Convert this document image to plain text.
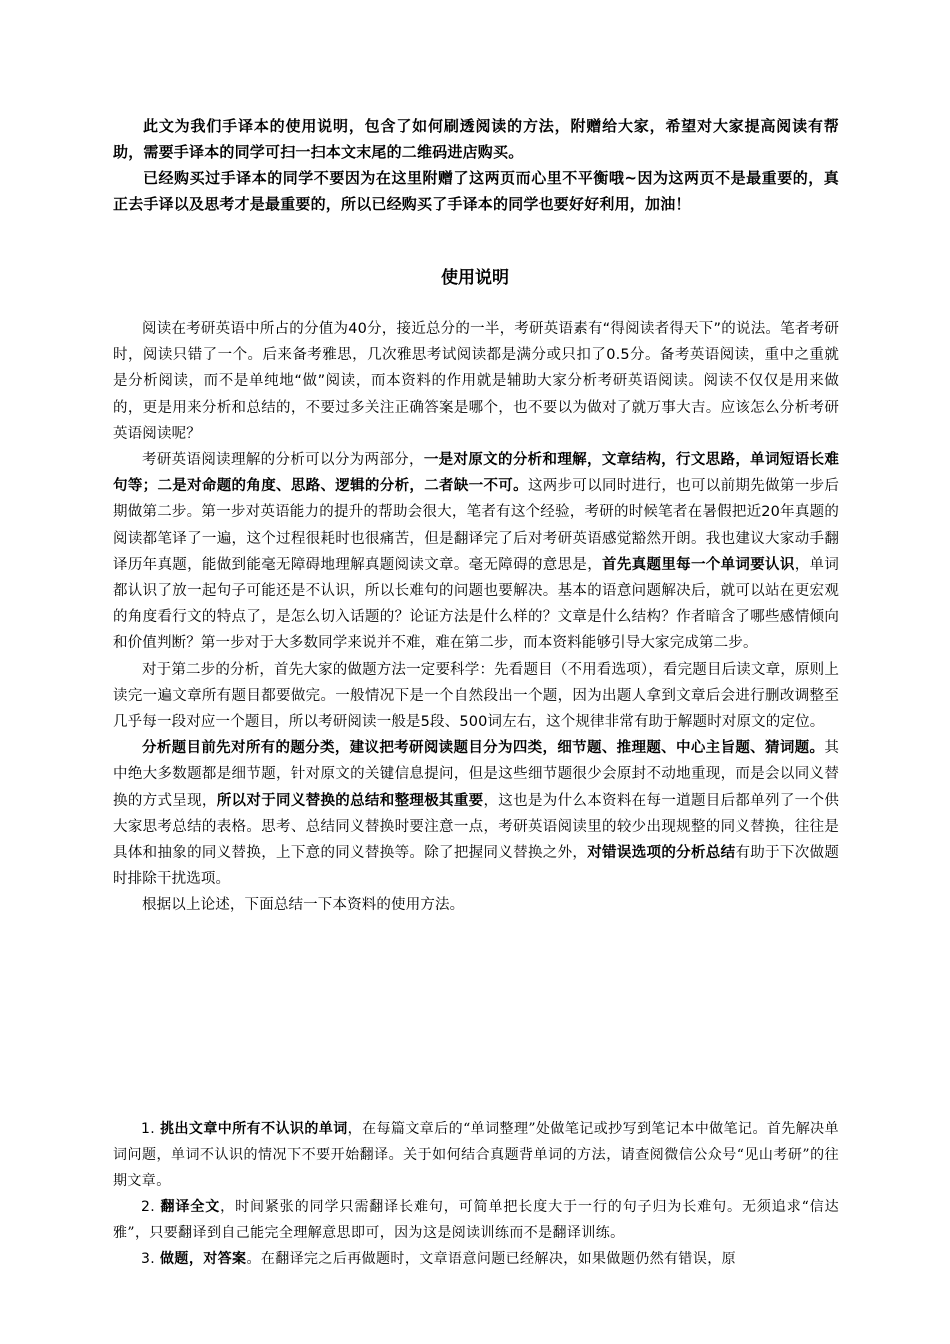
此文为我们手译本的使用说明，包含了如何刷透阅读的方法，附赠给大家，希望对大家提高阅读有帮助，需要手译本的同学可扫一扫本文末尾的二维码进店购买。

已经购买过手译本的同学不要因为在这里附赠了这两页而心里不平衡哦~因为这两页不是最重要的，真正去手译以及思考才是最重要的，所以已经购买了手译本的同学也要好好利用，加油！

使用说明

阅读在考研英语中所占的分值为40分，接近总分的一半，考研英语素有“得阅读者得天下”的说法。笔者考研时，阅读只错了一个。后来备考雅思，几次雅思考试阅读都是满分或只扣了0.5分。备考英语阅读，重中之重就是分析阅读，而不是单纯地“做”阅读，而本资料的作用就是辅助大家分析考研英语阅读。阅读不仅仅是用来做的，更是用来分析和总结的，不要过多关注正确答案是哪个，也不要以为做对了就万事大吉。应该怎么分析考研英语阅读呢？

考研英语阅读理解的分析可以分为两部分，一是对原文的分析和理解，文章结构，行文思路，单词短语长难句等；二是对命题的角度、思路、逻辑的分析，二者缺一不可。这两步可以同时进行，也可以前期先做第一步后期做第二步。第一步对英语能力的提升的帮助会很大，笔者有这个经验，考研的时候笔者在暑假把近20年真题的阅读都笔译了一遍，这个过程很耗时也很痛苦，但是翻译完了后对考研英语感觉豁然开朗。我也建议大家动手翻译历年真题，能做到能毫无障碍地理解真题阅读文章。毫无障碍的意思是，首先真题里每一个单词要认识，单词都认识了放一起句子可能还是不认识，所以长难句的问题也要解决。基本的语意问题解决后，就可以站在更宏观的角度看行文的特点了，是怎么切入话题的？论证方法是什么样的？文章是什么结构？作者暗含了哪些感情倾向和价值判断？第一步对于大多数同学来说并不难，难在第二步，而本资料能够引导大家完成第二步。

对于第二步的分析，首先大家的做题方法一定要科学：先看题目（不用看选项），看完题目后读文章，原则上读完一遍文章所有题目都要做完。一般情况下是一个自然段出一个题，因为出题人拿到文章后会进行删改调整至几乎每一段对应一个题目，所以考研阅读一般是5段、500词左右，这个规律非常有助于解题时对原文的定位。

分析题目前先对所有的题分类，建议把考研阅读题目分为四类，细节题、推理题、中心主旨题、猜词题。其中绝大多数题都是细节题，针对原文的关键信息提问，但是这些细节题很少会原封不动地重现，而是会以同义替换的方式呈现，所以对于同义替换的总结和整理极其重要，这也是为什么本资料在每一道题目后都单列了一个供大家思考总结的表格。思考、总结同义替换时要注意一点，考研英语阅读里的较少出现规整的同义替换，往往是具体和抽象的同义替换，上下意的同义替换等。除了把握同义替换之外，对错误选项的分析总结有助于下次做题时排除干扰选项。

根据以上论述，下面总结一下本资料的使用方法。

1. 挑出文章中所有不认识的单词，在每篇文章后的“单词整理”处做笔记或抄写到笔记本中做笔记。首先解决单词问题，单词不认识的情况下不要开始翻译。关于如何结合真题背单词的方法，请查阅微信公众号“见山考研”的往期文章。

2. 翻译全文，时间紧张的同学只需翻译长难句，可简单把长度大于一行的句子归为长难句。无须追求“信达雅”，只要翻译到自己能完全理解意思即可，因为这是阅读训练而不是翻译训练。

3. 做题，对答案。在翻译完之后再做题时，文章语意问题已经解决，如果做题仍然有错误，原
